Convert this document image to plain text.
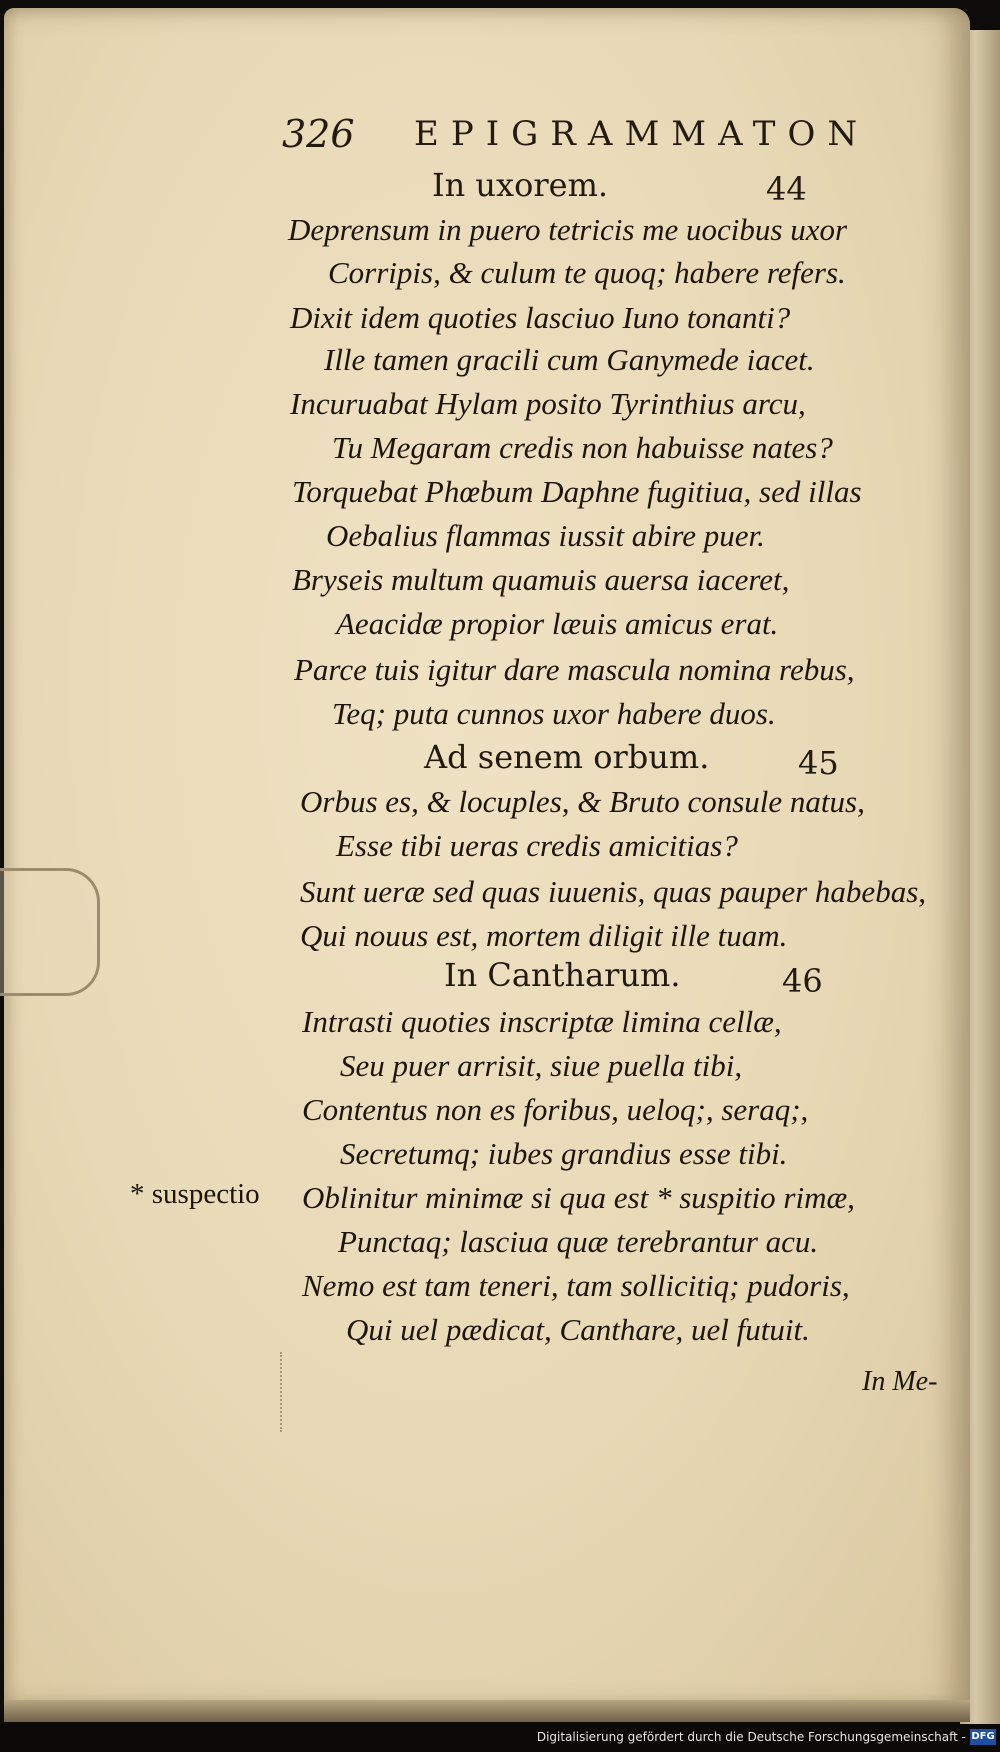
326 EPIGRAMMATON
In uxorem.	44
Deprensum in puero tetricis me uocibus uxor
Corripis, & culum te quoq; habere refers.
Dixit idem quoties lasciuo Iuno tonanti?
Ille tamen gracili cum Ganymede iacet.
Incuruabat Hylam posito Tyrinthius arcu,
Tu Megaram credis non habuisse nates?
Torquebat Phœbum Daphne fugitiua, sed illas
Oebalius flammas iussit abire puer.
Bryseis multum quamuis auersa iaceret,
Aeacidæ propior læuis amicus erat.
Parce tuis igitur dare mascula nomina rebus,
Teq; puta cunnos uxor habere duos.
Ad senem orbum.	45
Orbus es, & locuples, & Bruto consule natus,
Esse tibi ueras credis amicitias?
Sunt ueræ sed quas iuuenis, quas pauper habebas,
Qui nouus est, mortem diligit ille tuam.
In Cantharum.	46
Intrasti quoties inscriptæ limina cellæ,
Seu puer arrisit, siue puella tibi,
Contentus non es foribus, ueloq;, seraq;,
Secretumq; iubes grandius esse tibi.
Oblinitur minimæ si qua est * suspitio rimæ,
Punctaq; lasciua quæ terebrantur acu.
Nemo est tam teneri, tam sollicitiq; pudoris,
Qui uel pædicat, Canthare, uel futuit.
* suspectio
In Me-
Digitalisierung gefördert durch die Deutsche Forschungsgemeinschaft - DFG
